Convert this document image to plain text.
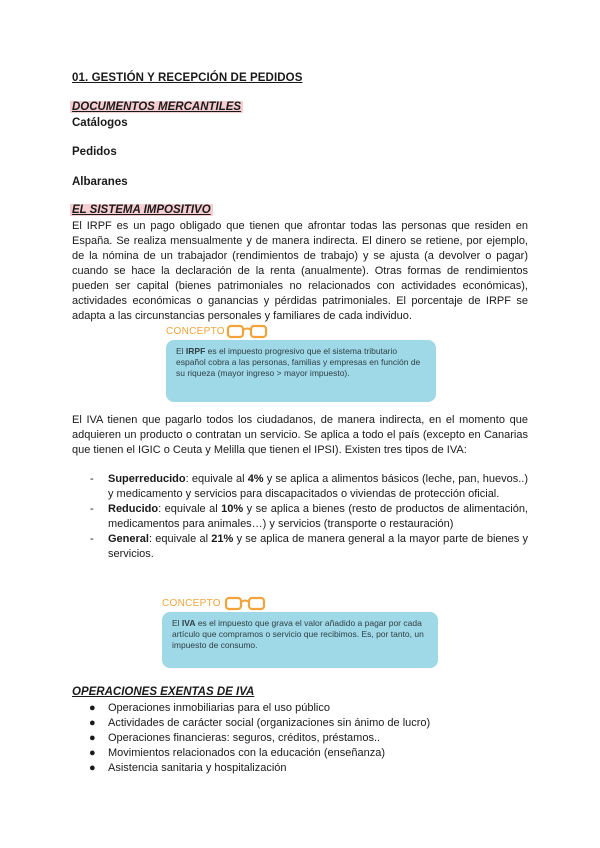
01. GESTIÓN Y RECEPCIÓN DE PEDIDOS
DOCUMENTOS MERCANTILES
Catálogos
Pedidos
Albaranes
EL SISTEMA IMPOSITIVO
El IRPF es un pago obligado que tienen que afrontar todas las personas que residen en España. Se realiza mensualmente y de manera indirecta. El dinero se retiene, por ejemplo, de la nómina de un trabajador (rendimientos de trabajo) y se ajusta (a devolver o pagar) cuando se hace la declaración de la renta (anualmente). Otras formas de rendimientos pueden ser capital (bienes patrimoniales no relacionados con actividades económicas), actividades económicas o ganancias y pérdidas patrimoniales. El porcentaje de IRPF se adapta a las circunstancias personales y familiares de cada individuo.
CONCEPTO
El IRPF es el impuesto progresivo que el sistema tributario español cobra a las personas, familias y empresas en función de su riqueza (mayor ingreso > mayor impuesto).
El IVA tienen que pagarlo todos los ciudadanos, de manera indirecta, en el momento que adquieren un producto o contratan un servicio. Se aplica a todo el país (excepto en Canarias que tienen el IGIC o Ceuta y Melilla que tienen el IPSI). Existen tres tipos de IVA:
- Superreducido: equivale al 4% y se aplica a alimentos básicos (leche, pan, huevos..) y medicamento y servicios para discapacitados o viviendas de protección oficial.
- Reducido: equivale al 10% y se aplica a bienes (resto de productos de alimentación, medicamentos para animales…) y servicios (transporte o restauración)
- General: equivale al 21% y se aplica de manera general a la mayor parte de bienes y servicios.
CONCEPTO
El IVA es el impuesto que grava el valor añadido a pagar por cada artículo que compramos o servicio que recibimos. Es, por tanto, un impuesto de consumo.
OPERACIONES EXENTAS DE IVA
● Operaciones inmobiliarias para el uso público
● Actividades de carácter social (organizaciones sin ánimo de lucro)
● Operaciones financieras: seguros, créditos, préstamos..
● Movimientos relacionados con la educación (enseñanza)
● Asistencia sanitaria y hospitalización
